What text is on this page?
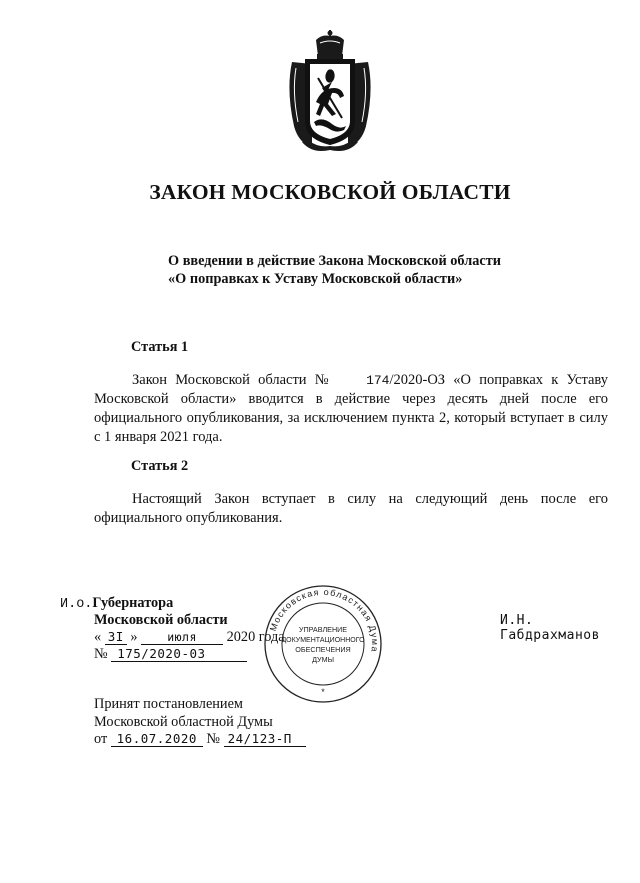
ЗАКОН МОСКОВСКОЙ ОБЛАСТИ
О введении в действие Закона Московской области
«О поправках к Уставу Московской области»
Статья 1

Закон Московской области №	174/2020-ОЗ «О поправках к Уставу Московской области» вводится в действие через десять дней после его официального опубликования, за исключением пункта 2, который вступает в силу с 1 января 2021 года.

Статья 2

Настоящий Закон вступает в силу на следующий день после его официального опубликования.

И.о.Губернатора
Московской области	И.Н. Габдрахманов
« 3I »	июля 2020 года
№ 175/2020-03
Московская областная Дума
УПРАВЛЕНИЕ
ДОКУМЕНТАЦИОННОГО
ОБЕСПЕЧЕНИЯ
ДУМЫ
*
Принят постановлением
Московской областной Думы
от 16.07.2020 № 24/123-П
